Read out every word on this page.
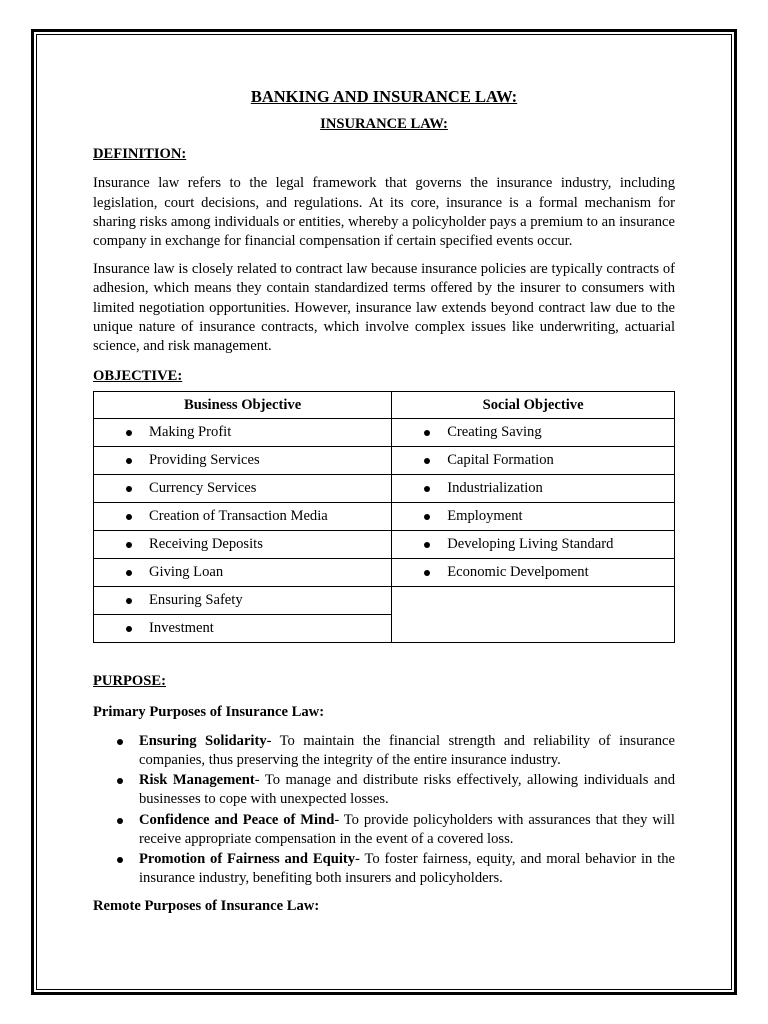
BANKING AND INSURANCE LAW:
INSURANCE LAW:
DEFINITION:

Insurance law refers to the legal framework that governs the insurance industry, including legislation, court decisions, and regulations. At its core, insurance is a formal mechanism for sharing risks among individuals or entities, whereby a policyholder pays a premium to an insurance company in exchange for financial compensation if certain specified events occur.

Insurance law is closely related to contract law because insurance policies are typically contracts of adhesion, which means they contain standardized terms offered by the insurer to consumers with limited negotiation opportunities. However, insurance law extends beyond contract law due to the unique nature of insurance contracts, which involve complex issues like underwriting, actuarial science, and risk management.

OBJECTIVE:
Business Objective	Social Objective

Making Profit	Creating Saving

Providing Services	Capital Formation

Currency Services	Industrialization

Creation of Transaction Media	Employment

Receiving Deposits	Developing Living Standard

Giving Loan	Economic Develpoment

Ensuring Safety	

Investment	
PURPOSE:
Primary Purposes of Insurance Law:
Ensuring Solidarity- To maintain the financial strength and reliability of insurance companies, thus preserving the integrity of the entire insurance industry.
Risk Management- To manage and distribute risks effectively, allowing individuals and businesses to cope with unexpected losses.
Confidence and Peace of Mind- To provide policyholders with assurances that they will receive appropriate compensation in the event of a covered loss.
Promotion of Fairness and Equity- To foster fairness, equity, and moral behavior in the insurance industry, benefiting both insurers and policyholders.
Remote Purposes of Insurance Law:
